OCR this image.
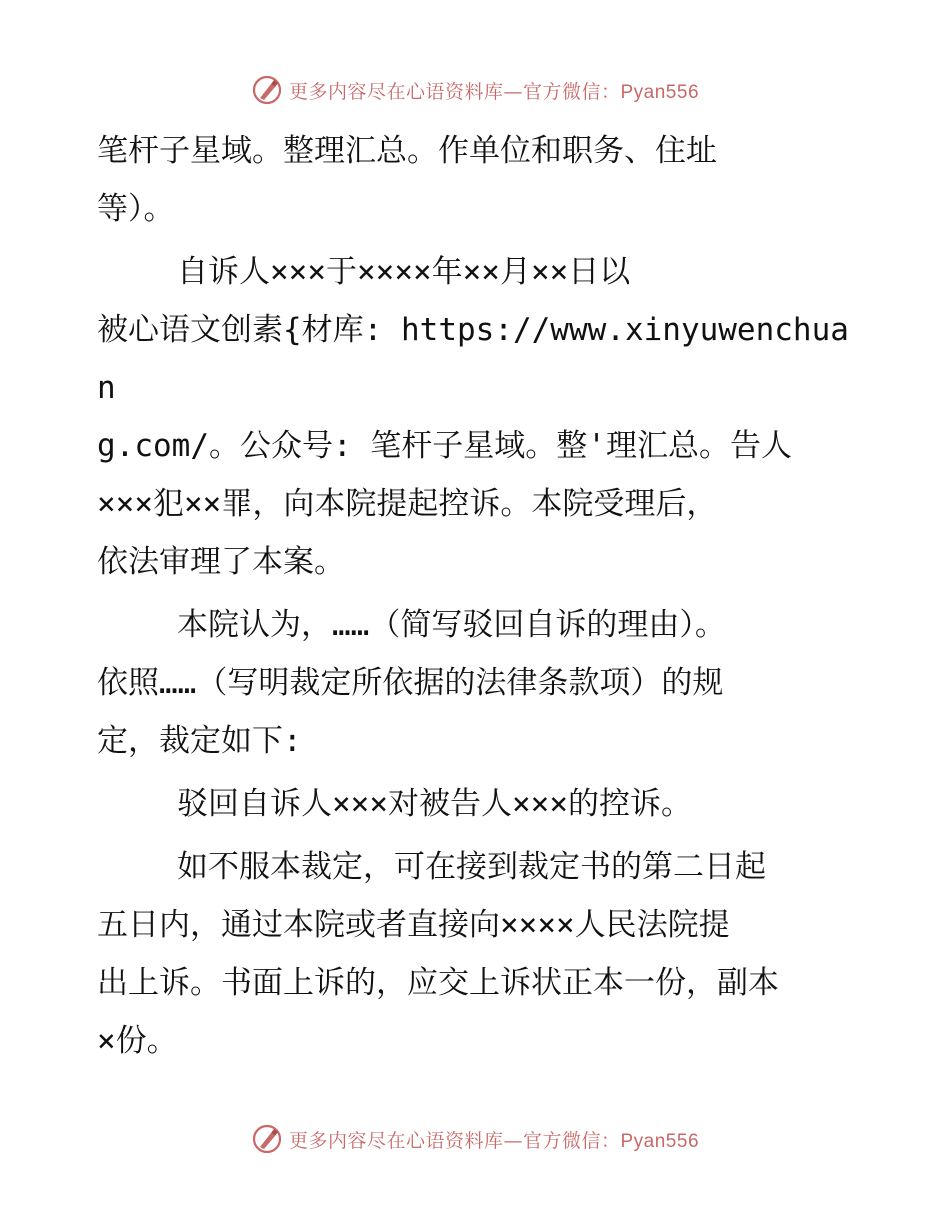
更多内容尽在心语资料库—官方微信：Pyan556

笔杆子星域。整理汇总。作单位和职务、住址
等）。

自诉人×××于××××年××月××日以
被心语文创素{材库: https://www.xinyuwenchuan
g.com/。公众号: 笔杆子星域。整'理汇总。告人
×××犯××罪，向本院提起控诉。本院受理后，
依法审理了本案。

本院认为，……（简写驳回自诉的理由）。
依照……（写明裁定所依据的法律条款项）的规
定，裁定如下:

驳回自诉人×××对被告人×××的控诉。

如不服本裁定，可在接到裁定书的第二日起
五日内，通过本院或者直接向××××人民法院提
出上诉。书面上诉的，应交上诉状正本一份，副本
×份。

更多内容尽在心语资料库—官方微信：Pyan556
